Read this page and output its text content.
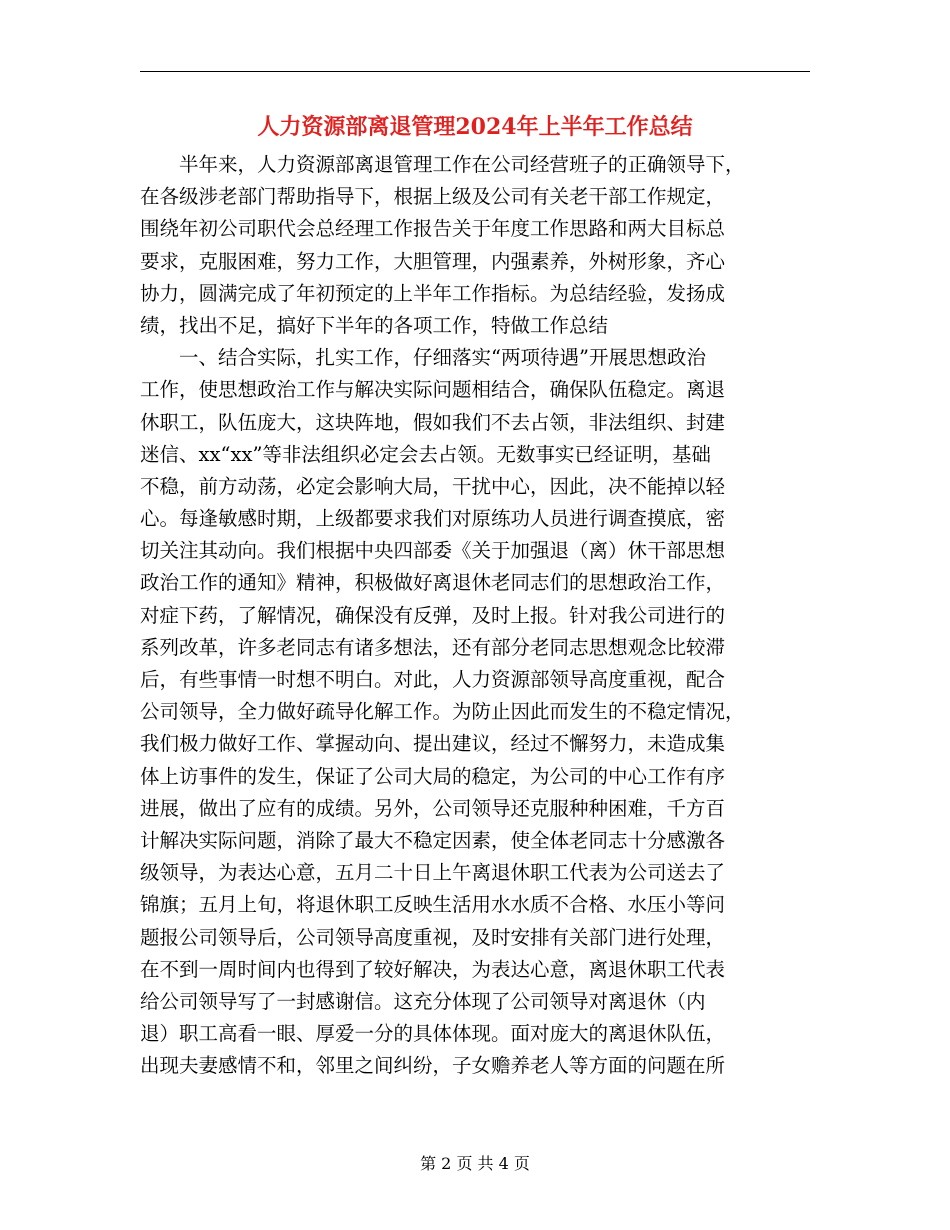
人力资源部离退管理2024年上半年工作总结
　　半年来，人力资源部离退管理工作在公司经营班子的正确领导下，
在各级涉老部门帮助指导下，根据上级及公司有关老干部工作规定，
围绕年初公司职代会总经理工作报告关于年度工作思路和两大目标总
要求，克服困难，努力工作，大胆管理，内强素养，外树形象，齐心
协力，圆满完成了年初预定的上半年工作指标。为总结经验，发扬成
绩，找出不足，搞好下半年的各项工作，特做工作总结
　　一、结合实际，扎实工作，仔细落实“两项待遇”开展思想政治
工作，使思想政治工作与解决实际问题相结合，确保队伍稳定。离退
休职工，队伍庞大，这块阵地，假如我们不去占领，非法组织、封建
迷信、xx“xx”等非法组织必定会去占领。无数事实已经证明，基础
不稳，前方动荡，必定会影响大局，干扰中心，因此，决不能掉以轻
心。每逢敏感时期，上级都要求我们对原练功人员进行调查摸底，密
切关注其动向。我们根据中央四部委《关于加强退（离）休干部思想
政治工作的通知》精神，积极做好离退休老同志们的思想政治工作，
对症下药，了解情况，确保没有反弹，及时上报。针对我公司进行的
系列改革，许多老同志有诸多想法，还有部分老同志思想观念比较滞
后，有些事情一时想不明白。对此，人力资源部领导高度重视，配合
公司领导，全力做好疏导化解工作。为防止因此而发生的不稳定情况，
我们极力做好工作、掌握动向、提出建议，经过不懈努力，未造成集
体上访事件的发生，保证了公司大局的稳定，为公司的中心工作有序
进展，做出了应有的成绩。另外，公司领导还克服种种困难，千方百
计解决实际问题，消除了最大不稳定因素，使全体老同志十分感激各
级领导，为表达心意，五月二十日上午离退休职工代表为公司送去了
锦旗；五月上旬，将退休职工反映生活用水水质不合格、水压小等问
题报公司领导后，公司领导高度重视，及时安排有关部门进行处理，
在不到一周时间内也得到了较好解决，为表达心意，离退休职工代表
给公司领导写了一封感谢信。这充分体现了公司领导对离退休（内
退）职工高看一眼、厚爱一分的具体体现。面对庞大的离退休队伍，
出现夫妻感情不和，邻里之间纠纷，子女赡养老人等方面的问题在所
第 2 页 共 4 页
